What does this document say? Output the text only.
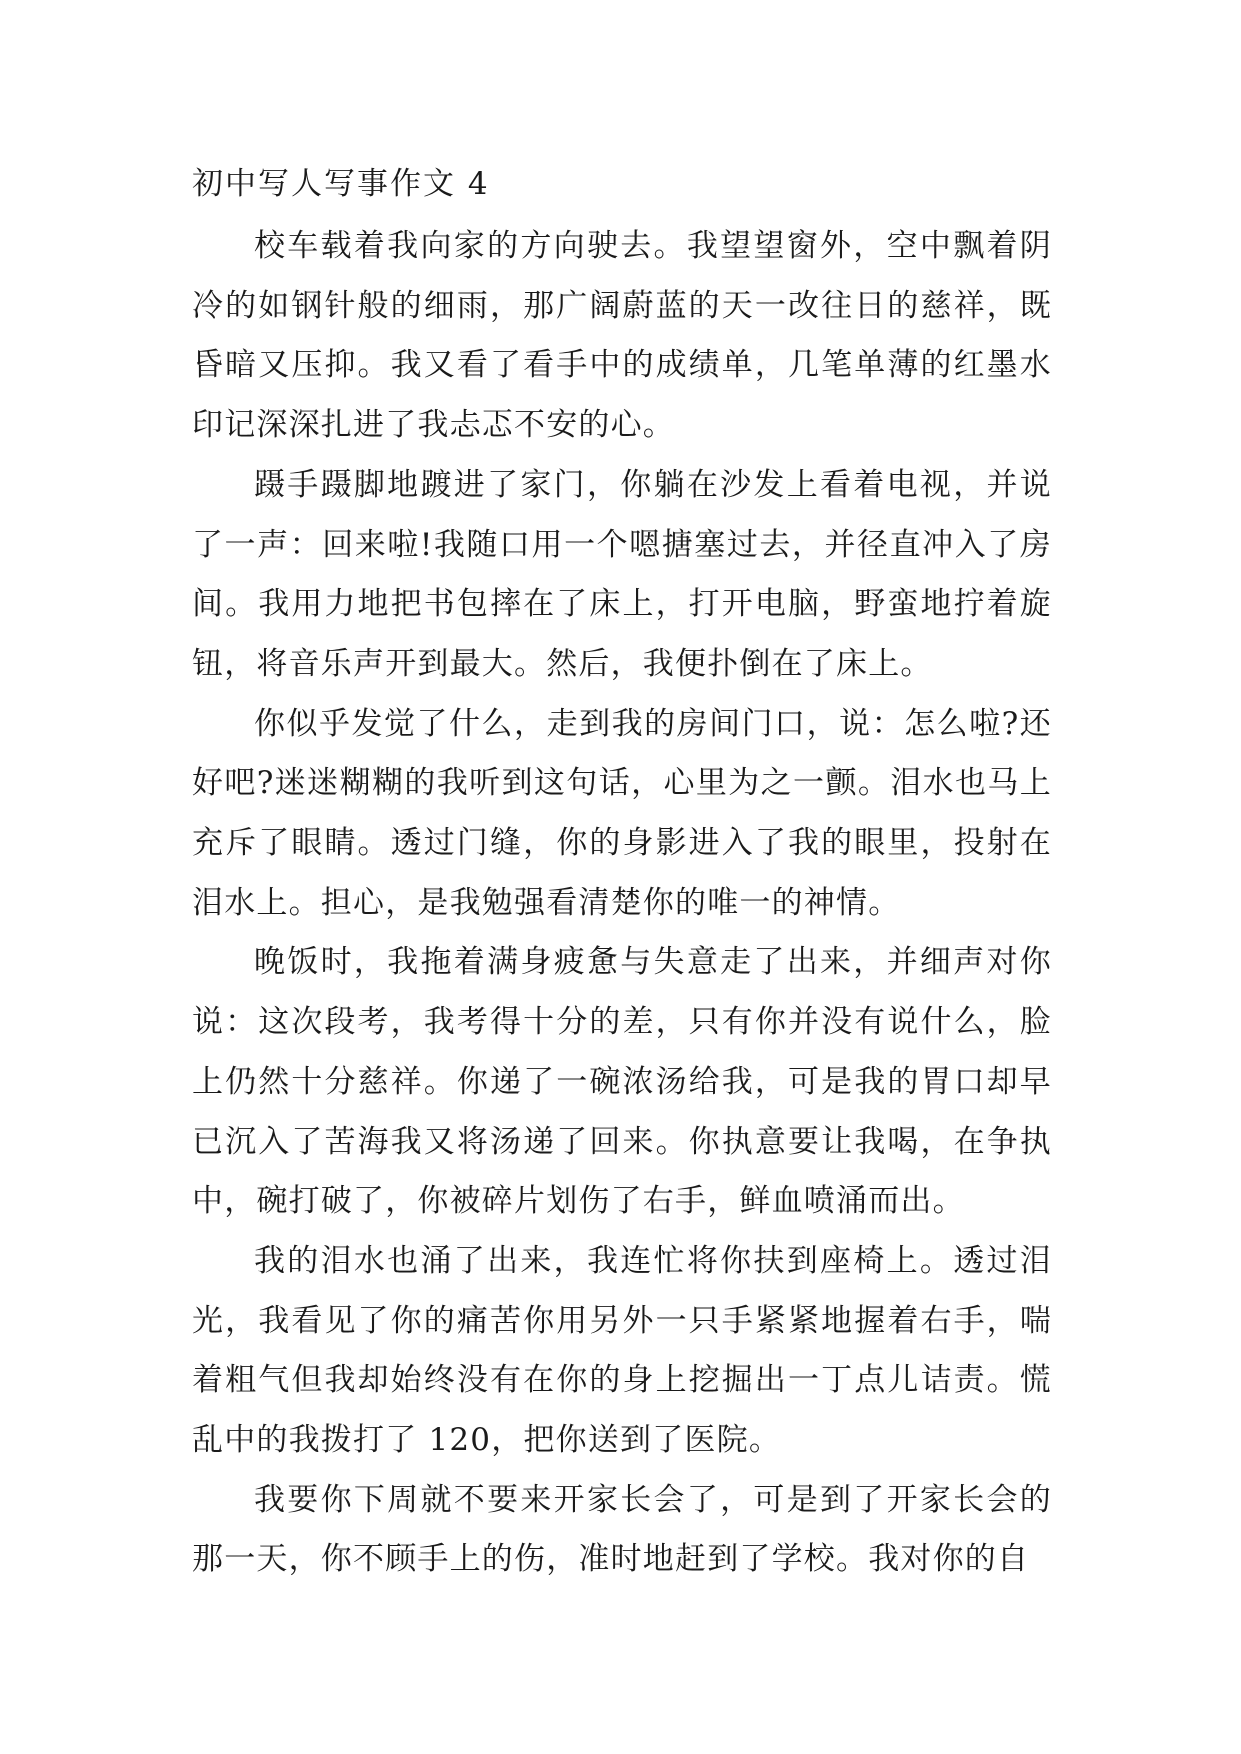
初中写人写事作文 4

校车载着我向家的方向驶去。我望望窗外，空中飘着阴冷的如钢针般的细雨，那广阔蔚蓝的天一改往日的慈祥，既昏暗又压抑。我又看了看手中的成绩单，几笔单薄的红墨水印记深深扎进了我忐忑不安的心。

蹑手蹑脚地踱进了家门，你躺在沙发上看着电视，并说了一声：回来啦!我随口用一个嗯搪塞过去，并径直冲入了房间。我用力地把书包摔在了床上，打开电脑，野蛮地拧着旋钮，将音乐声开到最大。然后，我便扑倒在了床上。

你似乎发觉了什么，走到我的房间门口，说：怎么啦?还好吧?迷迷糊糊的我听到这句话，心里为之一颤。泪水也马上充斥了眼睛。透过门缝，你的身影进入了我的眼里，投射在泪水上。担心，是我勉强看清楚你的唯一的神情。

晚饭时，我拖着满身疲惫与失意走了出来，并细声对你说：这次段考，我考得十分的差，只有你并没有说什么，脸上仍然十分慈祥。你递了一碗浓汤给我，可是我的胃口却早已沉入了苦海我又将汤递了回来。你执意要让我喝，在争执中，碗打破了，你被碎片划伤了右手，鲜血喷涌而出。

我的泪水也涌了出来，我连忙将你扶到座椅上。透过泪光，我看见了你的痛苦你用另外一只手紧紧地握着右手，喘着粗气但我却始终没有在你的身上挖掘出一丁点儿诘责。慌乱中的我拨打了 120，把你送到了医院。

我要你下周就不要来开家长会了，可是到了开家长会的那一天，你不顾手上的伤，准时地赶到了学校。我对你的自
